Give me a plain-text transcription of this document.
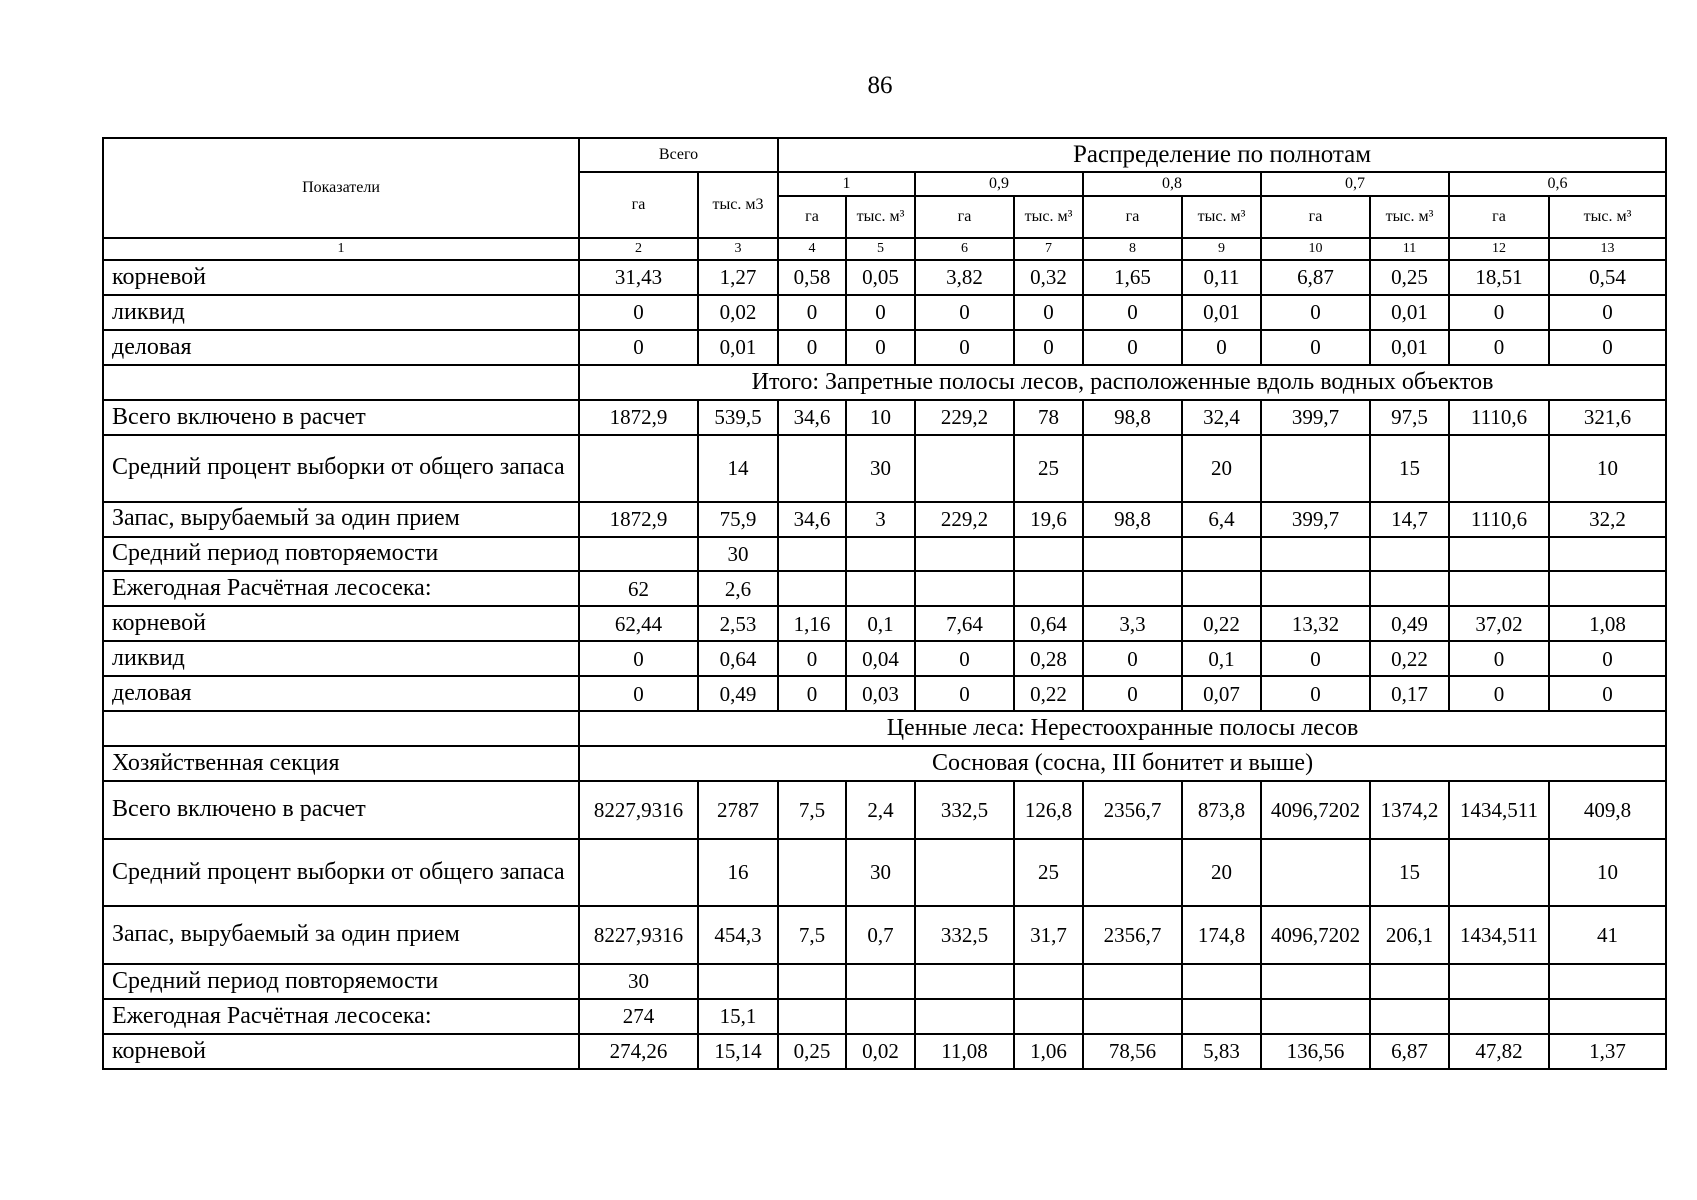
86
Показатели	Всего		Распределение по полнотам									
	га	тыс. м3	1		0,9		0,8		0,7		0,6	
			га	тыс. м³	га	тыс. м³	га	тыс. м³	га	тыс. м³	га	тыс. м³
1	2	3	4	5	6	7	8	9	10	11	12	13
корневой	31,43	1,27	0,58	0,05	3,82	0,32	1,65	0,11	6,87	0,25	18,51	0,54
ликвид	0	0,02	0	0	0	0	0	0,01	0	0,01	0	0
деловая	0	0,01	0	0	0	0	0	0	0	0,01	0	0
	Итого: Запретные полосы лесов, расположенные вдоль водных объектов											
Всего включено в расчет	1872,9	539,5	34,6	10	229,2	78	98,8	32,4	399,7	97,5	1110,6	321,6
Средний процент выборки от общего запаса		14		30		25		20		15		10
Запас, вырубаемый за один прием	1872,9	75,9	34,6	3	229,2	19,6	98,8	6,4	399,7	14,7	1110,6	32,2
Средний период повторяемости		30										
Ежегодная Расчётная лесосека:	62	2,6										
корневой	62,44	2,53	1,16	0,1	7,64	0,64	3,3	0,22	13,32	0,49	37,02	1,08
ликвид	0	0,64	0	0,04	0	0,28	0	0,1	0	0,22	0	0
деловая	0	0,49	0	0,03	0	0,22	0	0,07	0	0,17	0	0
	Ценные леса: Нерестоохранные полосы лесов											
Хозяйственная секция	Сосновая (сосна, III бонитет и выше)											
Всего включено в расчет	8227,9316	2787	7,5	2,4	332,5	126,8	2356,7	873,8	4096,7202	1374,2	1434,511	409,8
Средний процент выборки от общего запаса		16		30		25		20		15		10
Запас, вырубаемый за один прием	8227,9316	454,3	7,5	0,7	332,5	31,7	2356,7	174,8	4096,7202	206,1	1434,511	41
Средний период повторяемости	30											
Ежегодная Расчётная лесосека:	274	15,1										
корневой	274,26	15,14	0,25	0,02	11,08	1,06	78,56	5,83	136,56	6,87	47,82	1,37
